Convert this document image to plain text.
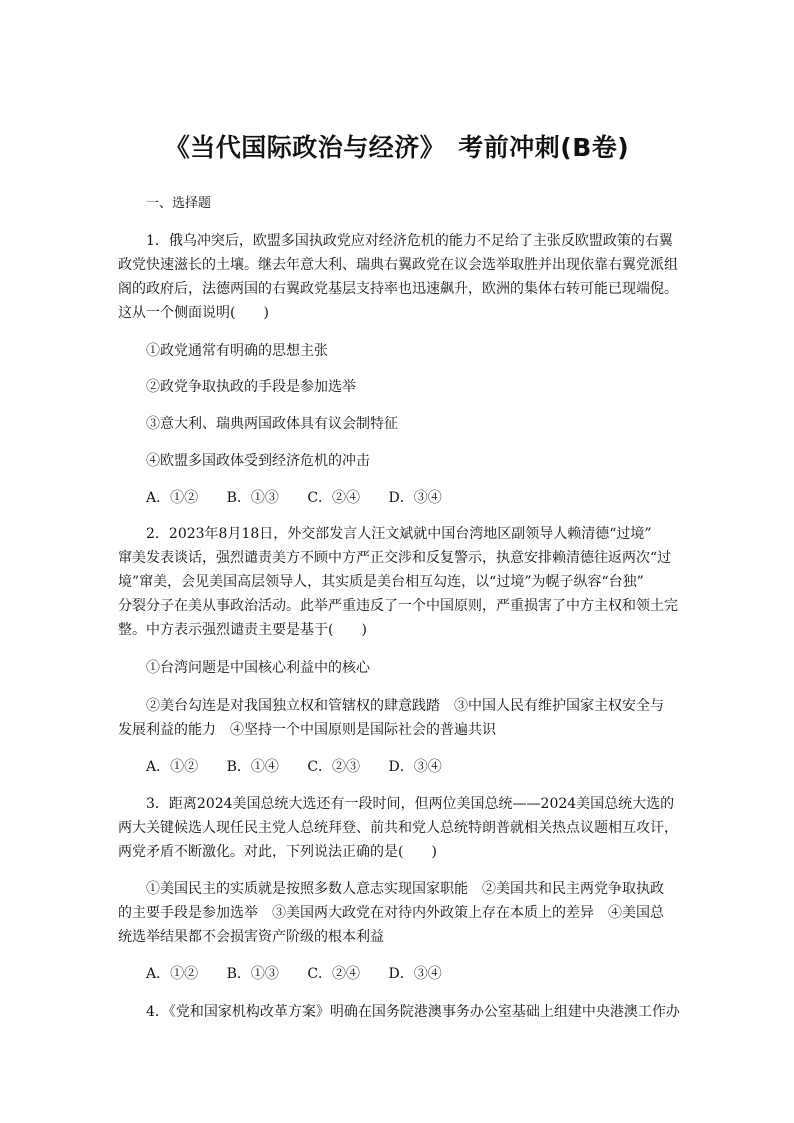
《当代国际政治与经济》　考前冲刺(B卷)
一、选择题
1．俄乌冲突后，欧盟多国执政党应对经济危机的能力不足给了主张反欧盟政策的右翼
政党快速滋长的土壤。继去年意大利、瑞典右翼政党在议会选举取胜并出现依靠右翼党派组
阁的政府后，法德两国的右翼政党基层支持率也迅速飙升，欧洲的集体右转可能已现端倪。
这从一个侧面说明(　　)
①政党通常有明确的思想主张
②政党争取执政的手段是参加选举
③意大利、瑞典两国政体具有议会制特征
④欧盟多国政体受到经济危机的冲击
A．①② B．①③ C．②④ D．③④
2．2023年8月18日，外交部发言人汪文斌就中国台湾地区副领导人赖清德“过境”
窜美发表谈话，强烈谴责美方不顾中方严正交涉和反复警示，执意安排赖清德往返两次“过
境”窜美，会见美国高层领导人，其实质是美台相互勾连，以“过境”为幌子纵容“台独”
分裂分子在美从事政治活动。此举严重违反了一个中国原则，严重损害了中方主权和领土完
整。中方表示强烈谴责主要是基于(　　)
①台湾问题是中国核心利益中的核心
②美台勾连是对我国独立权和管辖权的肆意践踏　③中国人民有维护国家主权安全与
发展利益的能力　④坚持一个中国原则是国际社会的普遍共识
A．①② B．①④ C．②③ D．③④
3．距离2024美国总统大选还有一段时间，但两位美国总统——2024美国总统大选的
两大关键候选人现任民主党人总统拜登、前共和党人总统特朗普就相关热点议题相互攻讦，
两党矛盾不断激化。对此，下列说法正确的是(　　)
①美国民主的实质就是按照多数人意志实现国家职能　②美国共和民主两党争取执政
的主要手段是参加选举　③美国两大政党在对待内外政策上存在本质上的差异　④美国总
统选举结果都不会损害资产阶级的根本利益
A．①② B．①③ C．②④ D．③④
4．《党和国家机构改革方案》明确在国务院港澳事务办公室基础上组建中央港澳工作办
